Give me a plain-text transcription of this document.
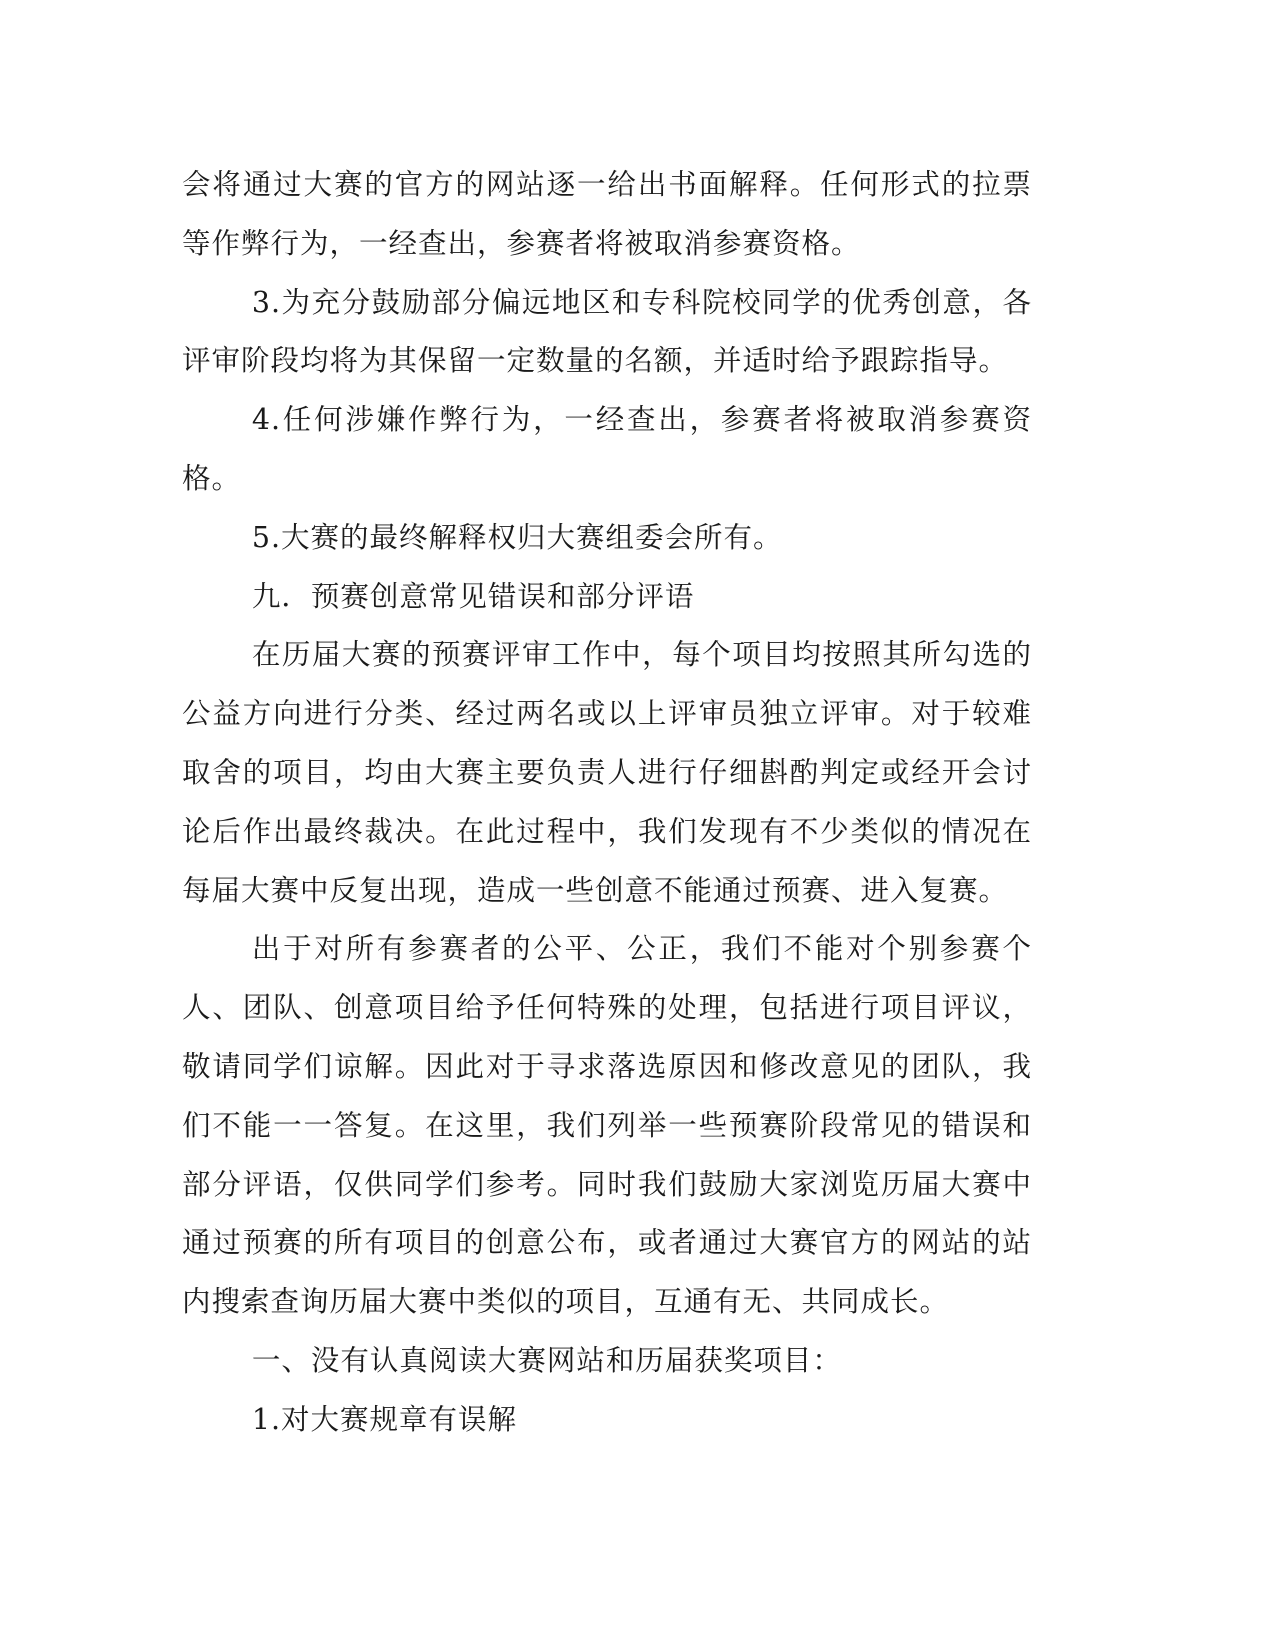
会将通过大赛的官方的网站逐一给出书面解释。任何形式的拉票等作弊行为，一经查出，参赛者将被取消参赛资格。

3.为充分鼓励部分偏远地区和专科院校同学的优秀创意，各评审阶段均将为其保留一定数量的名额，并适时给予跟踪指导。

4.任何涉嫌作弊行为，一经查出，参赛者将被取消参赛资格。

5.大赛的最终解释权归大赛组委会所有。

九．预赛创意常见错误和部分评语

在历届大赛的预赛评审工作中，每个项目均按照其所勾选的公益方向进行分类、经过两名或以上评审员独立评审。对于较难取舍的项目，均由大赛主要负责人进行仔细斟酌判定或经开会讨论后作出最终裁决。在此过程中，我们发现有不少类似的情况在每届大赛中反复出现，造成一些创意不能通过预赛、进入复赛。

出于对所有参赛者的公平、公正，我们不能对个别参赛个人、团队、创意项目给予任何特殊的处理，包括进行项目评议，敬请同学们谅解。因此对于寻求落选原因和修改意见的团队，我们不能一一答复。在这里，我们列举一些预赛阶段常见的错误和部分评语，仅供同学们参考。同时我们鼓励大家浏览历届大赛中通过预赛的所有项目的创意公布，或者通过大赛官方的网站的站内搜索查询历届大赛中类似的项目，互通有无、共同成长。

一、没有认真阅读大赛网站和历届获奖项目：

1.对大赛规章有误解
